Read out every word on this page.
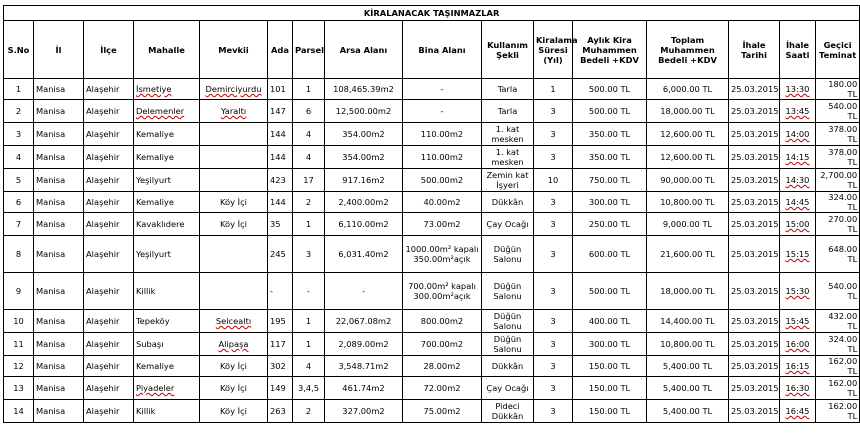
KİRALANACAK TAŞINMAZLAR															
S.No	İl	İlçe	Mahalle	Mevkii	Ada	Parsel	Arsa Alanı	Bina Alanı	Kullanım Şekli	Kiralama Süresi (Yıl)	Aylık Kira Muhammen Bedeli +KDV	Toplam Muhammen Bedeli +KDV	İhale Tarihi	İhale Saati	Geçici Teminat
1	Manisa	Alaşehir	İsmetiye	Demirciyurdu	101	1	108,465.39m2	-	Tarla	1	500.00 TL	6,000.00 TL	25.03.2015	13:30	180.00 TL
2	Manisa	Alaşehir	Delemenler	Yaraltı	147	6	12,500.00m2	-	Tarla	3	500.00 TL	18,000.00 TL	25.03.2015	13:45	540.00 TL
3	Manisa	Alaşehir	Kemaliye		144	4	354.00m2	110.00m2	1. kat mesken	3	350.00 TL	12,600.00 TL	25.03.2015	14:00	378.00 TL
4	Manisa	Alaşehir	Kemaliye		144	4	354.00m2	110.00m2	1. kat mesken	3	350.00 TL	12,600.00 TL	25.03.2015	14:15	378.00 TL
5	Manisa	Alaşehir	Yeşilyurt		423	17	917.16m2	500.00m2	Zemin kat İşyeri	10	750.00 TL	90,000.00 TL	25.03.2015	14:30	2,700.00 TL
6	Manisa	Alaşehir	Kemaliye	Köy İçi	144	2	2,400.00m2	40.00m2	Dükkân	3	300.00 TL	10,800.00 TL	25.03.2015	14:45	324.00 TL
7	Manisa	Alaşehir	Kavaklıdere	Köy İçi	35	1	6,110.00m2	73.00m2	Çay Ocağı	3	250.00 TL	9,000.00 TL	25.03.2015	15:00	270.00 TL
8	Manisa	Alaşehir	Yeşilyurt		245	3	6,031.40m2	1000.00m² kapalı 350.00m²açık	Düğün Salonu	3	600.00 TL	21,600.00 TL	25.03.2015	15:15	648.00 TL
9	Manisa	Alaşehir	Killik		-	-	-	700.00m² kapalı 300.00m²açık	Düğün Salonu	3	500.00 TL	18,000.00 TL	25.03.2015	15:30	540.00 TL
10	Manisa	Alaşehir	Tepeköy	Selcealtı	195	1	22,067.08m2	800.00m2	Düğün Salonu	3	400.00 TL	14,400.00 TL	25.03.2015	15:45	432.00 TL
11	Manisa	Alaşehir	Subaşı	Alipaşa	117	1	2,089.00m2	700.00m2	Düğün Salonu	3	300.00 TL	10,800.00 TL	25.03.2015	16:00	324.00 TL
12	Manisa	Alaşehir	Kemaliye	Köy İçi	302	4	3,548.71m2	28.00m2	Dükkân	3	150.00 TL	5,400.00 TL	25.03.2015	16:15	162.00 TL
13	Manisa	Alaşehir	Piyadeler	Köy İçi	149	3,4,5	461.74m2	72.00m2	Çay Ocağı	3	150.00 TL	5,400.00 TL	25.03.2015	16:30	162.00 TL
14	Manisa	Alaşehir	Killik	Köy İçi	263	2	327.00m2	75.00m2	Pideci Dükkân	3	150.00 TL	5,400.00 TL	25.03.2015	16:45	162.00 TL
